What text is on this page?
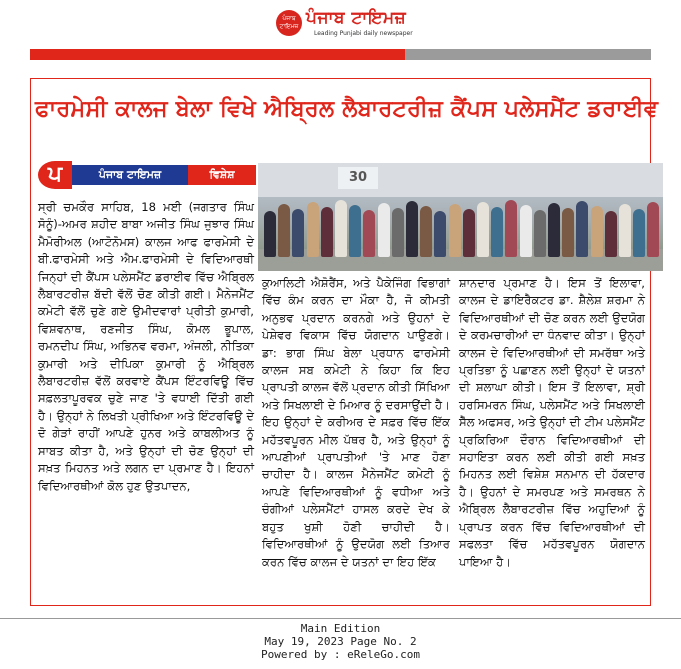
ਪੰਜਾਬ ਟਾਇਮਜ਼ ਪੰਜਾਬ ਟਾਇਮਜ਼
Leading Punjabi daily newspaper
ਫਾਰਮੇਸੀ ਕਾਲਜ ਬੇਲਾ ਵਿਖੇ ਐਬ੍ਰਿਲ ਲੈਬਾਰਟਰੀਜ਼ ਕੈਂਪਸ ਪਲੇਸਮੈਂਟ ਡਰਾਈਵ
ਪ	ਪੰਜਾਬ ਟਾਇਮਜ਼	ਵਿਸ਼ੇਸ਼	30

ਸ੍ਰੀ ਚਮਕੌਰ ਸਾਹਿਬ, 18 ਮਈ (ਜਗਤਾਰ ਸਿੰਘ ਸੋਨੂੰ)-ਅਮਰ ਸ਼ਹੀਦ ਬਾਬਾ ਅਜੀਤ ਸਿੰਘ ਜੁਝਾਰ ਸਿੰਘ ਮੈਮੋਰੀਅਲ (ਆਟੋਨੋਮਸ) ਕਾਲਜ ਆਫ ਫਾਰਮੇਸੀ ਦੇ ਬੀ.ਫਾਰਮੇਸੀ ਅਤੇ ਐਮ.ਫਾਰਮੇਸੀ ਦੇ ਵਿਦਿਆਰਥੀ ਜਿਨ੍ਹਾਂ ਦੀ ਕੈਂਪਸ ਪਲੇਸਮੈਂਟ ਡਰਾਈਵ ਵਿੱਚ ਐਬ੍ਰਿਲ ਲੈਬਾਰਟਰੀਜ਼ ਬੱਦੀ ਵੱਲੋਂ ਚੋਣ ਕੀਤੀ ਗਈ। ਮੈਨੇਜਮੈਂਟ ਕਮੇਟੀ ਵੱਲੋਂ ਚੁਣੇ ਗਏ ਉਮੀਦਵਾਰਾਂ ਪ੍ਰੀਤੀ ਕੁਮਾਰੀ, ਵਿਸ਼ਵਨਾਥ, ਰਣਜੀਤ ਸਿੰਘ, ਕੋਮਲ ਭੂਪਾਲ, ਰਮਨਦੀਪ ਸਿੰਘ, ਅਭਿਨਵ ਵਰਮਾ, ਅੰਜਲੀ, ਨੀਤਿਕਾ ਕੁਮਾਰੀ ਅਤੇ ਦੀਪਿਕਾ ਕੁਮਾਰੀ ਨੂੰ ਐਬ੍ਰਿਲ ਲੈਬਾਰਟਰੀਜ਼ ਵੱਲੋਂ ਕਰਵਾਏ ਕੈਂਪਸ ਇੰਟਰਵਿਊ ਵਿੱਚ ਸਫ਼ਲਤਾਪੂਰਵਕ ਚੁਣੇ ਜਾਣ 'ਤੇ ਵਧਾਈ ਦਿੱਤੀ ਗਈ ਹੈ। ਉਨ੍ਹਾਂ ਨੇ ਲਿਖਤੀ ਪ੍ਰੀਖਿਆ ਅਤੇ ਇੰਟਰਵਿਊ ਦੇ ਦੋ ਗੇੜਾਂ ਰਾਹੀਂ ਆਪਣੇ ਹੁਨਰ ਅਤੇ ਕਾਬਲੀਅਤ ਨੂੰ ਸਾਬਤ ਕੀਤਾ ਹੈ, ਅਤੇ ਉਨ੍ਹਾਂ ਦੀ ਚੋਣ ਉਨ੍ਹਾਂ ਦੀ ਸਖ਼ਤ ਮਿਹਨਤ ਅਤੇ ਲਗਨ ਦਾ ਪ੍ਰਮਾਣ ਹੈ। ਇਹਨਾਂ ਵਿਦਿਆਰਥੀਆਂ ਕੋਲ ਹੁਣ ਉਤਪਾਦਨ,

ਕੁਆਲਿਟੀ ਐਸ਼ੋਰੈਂਸ, ਅਤੇ ਪੈਕੇਜਿੰਗ ਵਿਭਾਗਾਂ ਵਿੱਚ ਕੰਮ ਕਰਨ ਦਾ ਮੌਕਾ ਹੈ, ਜੋ ਕੀਮਤੀ ਅਨੁਭਵ ਪ੍ਰਦਾਨ ਕਰਨਗੇ ਅਤੇ ਉਹਨਾਂ ਦੇ ਪੇਸ਼ੇਵਰ ਵਿਕਾਸ ਵਿੱਚ ਯੋਗਦਾਨ ਪਾਉਣਗੇ। ਡਾ: ਭਾਗ ਸਿੰਘ ਬੇਲਾ ਪ੍ਰਧਾਨ ਫਾਰਮੇਸੀ ਕਾਲਜ ਸਬ ਕਮੇਟੀ ਨੇ ਕਿਹਾ ਕਿ ਇਹ ਪ੍ਰਾਪਤੀ ਕਾਲਜ ਵੱਲੋਂ ਪ੍ਰਦਾਨ ਕੀਤੀ ਸਿੱਖਿਆ ਅਤੇ ਸਿਖਲਾਈ ਦੇ ਮਿਆਰ ਨੂੰ ਦਰਸਾਉਂਦੀ ਹੈ। ਇਹ ਉਨ੍ਹਾਂ ਦੇ ਕਰੀਅਰ ਦੇ ਸਫ਼ਰ ਵਿੱਚ ਇੱਕ ਮਹੱਤਵਪੂਰਨ ਮੀਲ ਪੱਥਰ ਹੈ, ਅਤੇ ਉਨ੍ਹਾਂ ਨੂੰ ਆਪਣੀਆਂ ਪ੍ਰਾਪਤੀਆਂ 'ਤੇ ਮਾਣ ਹੋਣਾ ਚਾਹੀਦਾ ਹੈ। ਕਾਲਜ ਮੈਨੇਜਮੈਂਟ ਕਮੇਟੀ ਨੂੰ ਆਪਣੇ ਵਿਦਿਆਰਥੀਆਂ ਨੂੰ ਵਧੀਆ ਅਤੇ ਚੰਗੀਆਂ ਪਲੇਸਮੈਂਟਾਂ ਹਾਸਲ ਕਰਦੇ ਦੇਖ ਕੇ ਬਹੁਤ ਖੁਸ਼ੀ ਹੋਣੀ ਚਾਹੀਦੀ ਹੈ। ਵਿਦਿਆਰਥੀਆਂ ਨੂੰ ਉਦਯੋਗ ਲਈ ਤਿਆਰ ਕਰਨ ਵਿੱਚ ਕਾਲਜ ਦੇ ਯਤਨਾਂ ਦਾ ਇਹ ਇੱਕ

ਸ਼ਾਨਦਾਰ ਪ੍ਰਮਾਣ ਹੈ। ਇਸ ਤੋਂ ਇਲਾਵਾ, ਕਾਲਜ ਦੇ ਡਾਇਰੈਕਟਰ ਡਾ. ਸ਼ੈਲੇਸ਼ ਸ਼ਰਮਾ ਨੇ ਵਿਦਿਆਰਥੀਆਂ ਦੀ ਚੋਣ ਕਰਨ ਲਈ ਉਦਯੋਗ ਦੇ ਕਰਮਚਾਰੀਆਂ ਦਾ ਧੰਨਵਾਦ ਕੀਤਾ। ਉਨ੍ਹਾਂ ਕਾਲਜ ਦੇ ਵਿਦਿਆਰਥੀਆਂ ਦੀ ਸਮਰੱਥਾ ਅਤੇ ਪ੍ਰਤਿਭਾ ਨੂੰ ਪਛਾਣਨ ਲਈ ਉਨ੍ਹਾਂ ਦੇ ਯਤਨਾਂ ਦੀ ਸ਼ਲਾਘਾ ਕੀਤੀ। ਇਸ ਤੋਂ ਇਲਾਵਾ, ਸ਼੍ਰੀ ਹਰਸਿਮਰਨ ਸਿੰਘ, ਪਲੇਸਮੈਂਟ ਅਤੇ ਸਿਖਲਾਈ ਸੈੱਲ ਅਫਸਰ, ਅਤੇ ਉਨ੍ਹਾਂ ਦੀ ਟੀਮ ਪਲੇਸਮੈਂਟ ਪ੍ਰਕਿਰਿਆ ਦੌਰਾਨ ਵਿਦਿਆਰਥੀਆਂ ਦੀ ਸਹਾਇਤਾ ਕਰਨ ਲਈ ਕੀਤੀ ਗਈ ਸਖ਼ਤ ਮਿਹਨਤ ਲਈ ਵਿਸ਼ੇਸ਼ ਸਨਮਾਨ ਦੀ ਹੱਕਦਾਰ ਹੈ। ਉਹਨਾਂ ਦੇ ਸਮਰਪਣ ਅਤੇ ਸਮਰਥਨ ਨੇ ਐਬ੍ਰਿਲ ਲੈਬਾਰਟਰੀਜ਼ ਵਿੱਚ ਅਹੁਦਿਆਂ ਨੂੰ ਪ੍ਰਾਪਤ ਕਰਨ ਵਿੱਚ ਵਿਦਿਆਰਥੀਆਂ ਦੀ ਸਫਲਤਾ ਵਿੱਚ ਮਹੱਤਵਪੂਰਨ ਯੋਗਦਾਨ ਪਾਇਆ ਹੈ।

Main Edition
May 19, 2023 Page No. 2
Powered by : eReleGo.com
